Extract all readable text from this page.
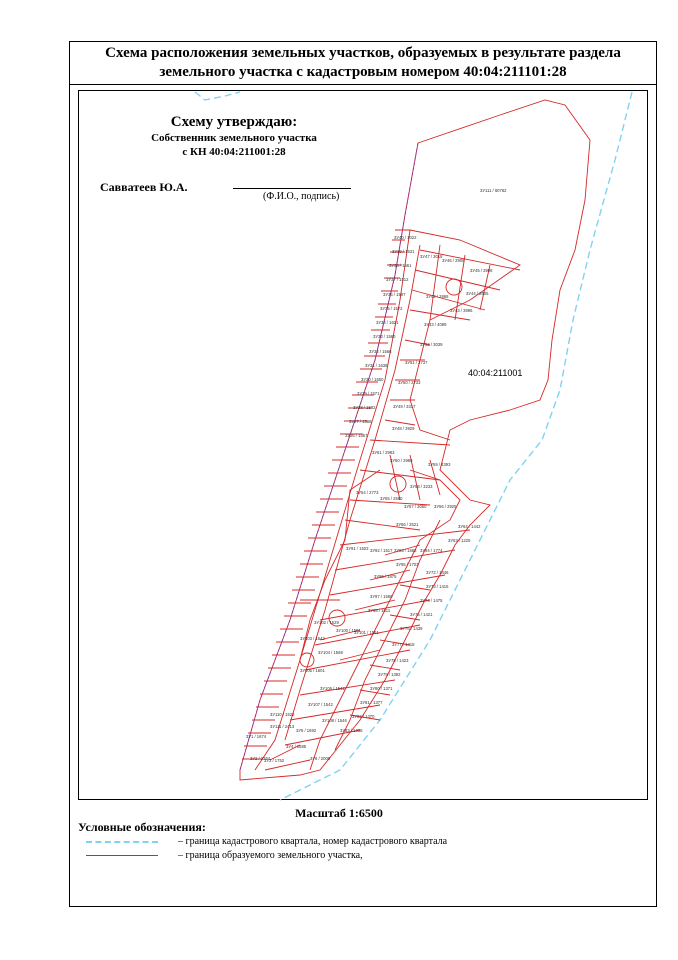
Схема расположения земельных участков, образуемых в результате раздела
земельного участка с кадастровым номером 40:04:211101:28
3У40 / 1022
3У39 / 1531
3У38 / 1561
3У37 / 1512
3У36 / 1597
3У35 / 1572
3У34 / 1621
3У33 / 1560
3У32 / 1566
3У31 / 1638
3У30 / 1550
3У29 / 1571
3У28 / 1582
3У27 / 1568
3У26 / 1557
3У47 / 3018
3У46 / 2906
3У45 / 3996
3У44 / 2605
3У42 / 2868
3У43 / 3996
3У33 / 4089
3У52 / 3039
3У51 / 2737
3У50 / 2733
3У49 / 3317
3У48 / 3929
3У61 / 2983
3У60 / 2988
3У59 / 4393
3У58 / 3233
3У54 / 2773
3У55 / 2560
3У57 / 3050 3У56 / 2925
3У66 / 2521	3У64 / 1442
3У63 / 1225
3У91 / 1503 3У92 / 1517 3У93 / 1568 3У94 / 1774
3У95 / 1703
3У96 / 1875
3У97 / 1560
3У98 / 1611
3У100 / 1591
3У101 / 1561
3У102 / 1529
3У103 / 1542
3У104 / 1568
3У105 / 1601
3У106 / 1542
3У107 / 1542
3У108 / 1546
3У110 / 1523
3У111 / 2413
3У72 / 1446
3У73 / 1415
3У74 / 1475
3У75 / 1421
3У76 / 1439
3У77 / 1418
3У78 / 1423
3У79 / 1392
3У80 / 1371
3У81 / 1377
3У82 / 1370
3У83 / 1338
3У1 / 1674
3У2 / 2264
3У3 / 1752
3У4 / 1685
3У5 / 1692
3У6 / 2000
3У111 / 60762
Схему утверждаю:
Собственник земельного участка
с КН 40:04:211001:28
Савватеев Ю.А.
(Ф.И.О., подпись)
40:04:211001
Масштаб 1:6500
Условные обозначения:
– граница кадастрового квартала, номер кадастрового квартала
– граница образуемого земельного участка,
